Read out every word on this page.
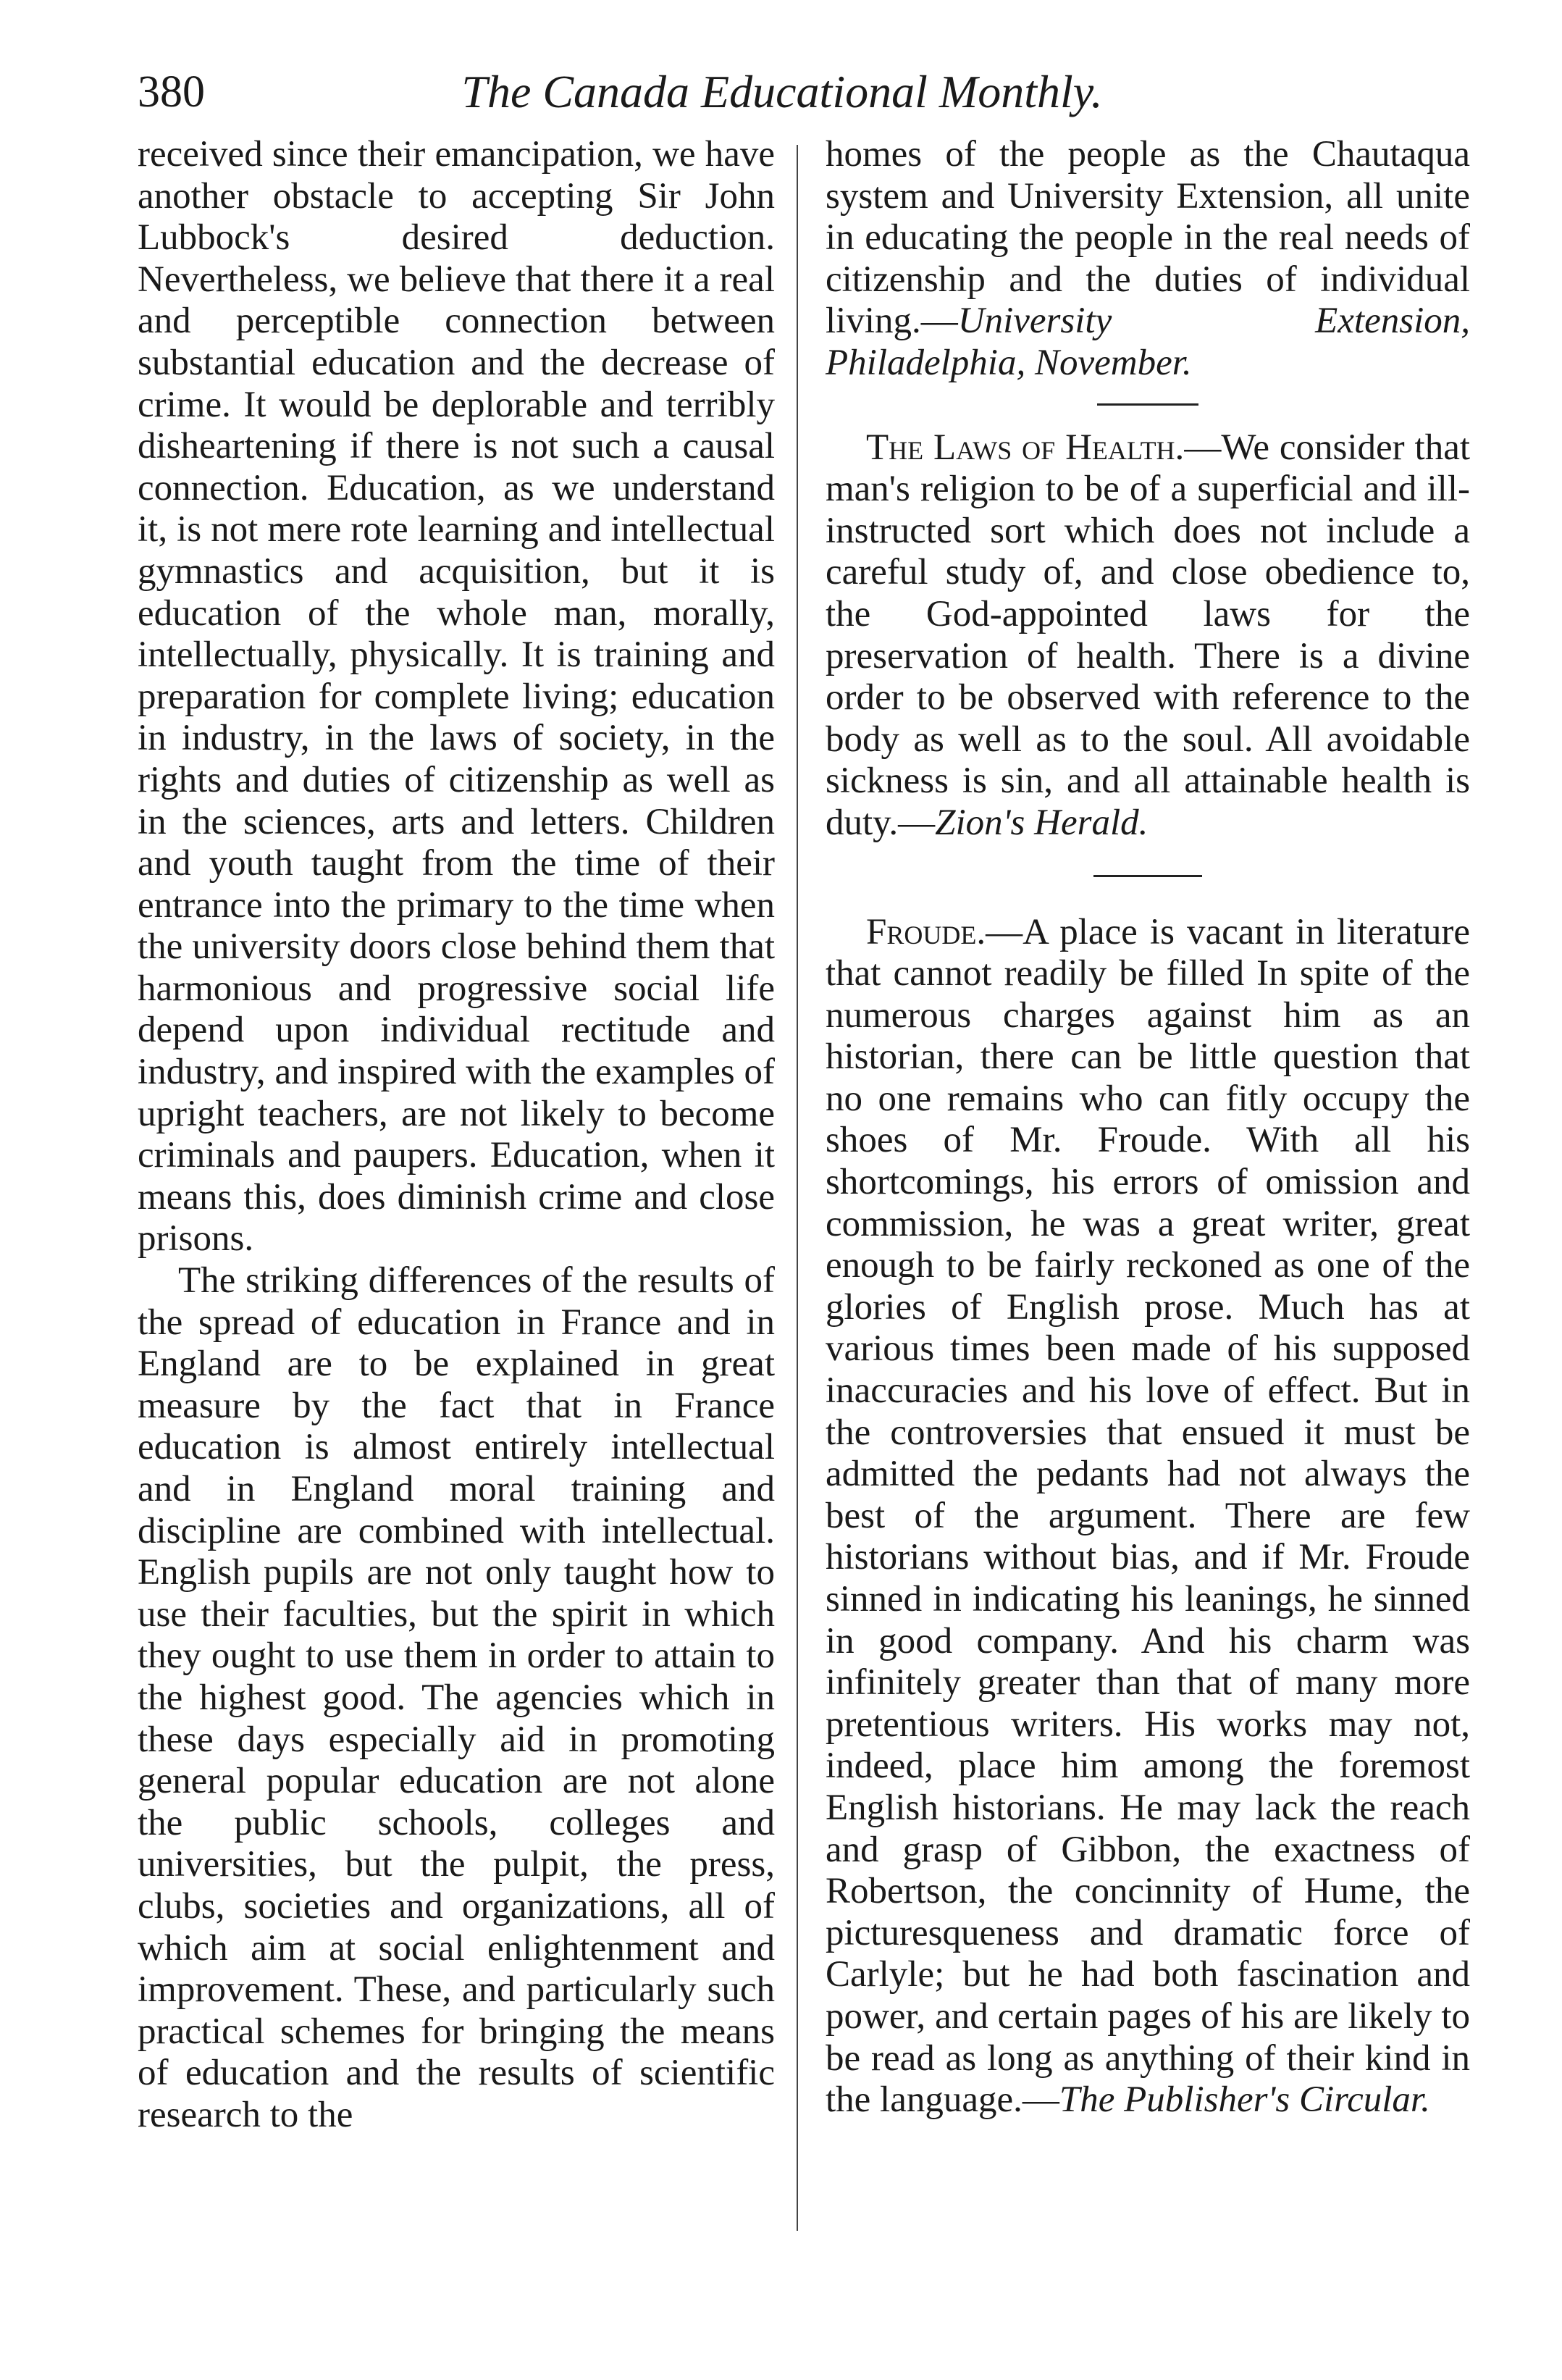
380	The Canada Educational Monthly.

received since their emancipation, we have another obstacle to accepting Sir John Lubbock's desired deduction. Nevertheless, we believe that there it a real and perceptible connection between substantial education and the decrease of crime. It would be deplorable and terribly disheartening if there is not such a causal connection. Education, as we understand it, is not mere rote learning and intellectual gymnastics and acquisition, but it is education of the whole man, morally, intellectually, physically. It is training and preparation for complete living; education in industry, in the laws of society, in the rights and duties of citizenship as well as in the sciences, arts and letters. Children and youth taught from the time of their entrance into the primary to the time when the university doors close behind them that harmonious and progressive social life depend upon individual rectitude and industry, and inspired with the examples of upright teachers, are not likely to become criminals and paupers. Education, when it means this, does diminish crime and close prisons.

The striking differences of the results of the spread of education in France and in England are to be explained in great measure by the fact that in France education is almost entirely intellectual and in England moral training and discipline are combined with intellectual. English pupils are not only taught how to use their faculties, but the spirit in which they ought to use them in order to attain to the highest good. The agencies which in these days especially aid in promoting general popular education are not alone the public schools, colleges and universities, but the pulpit, the press, clubs, societies and organizations, all of which aim at social enlightenment and improvement. These, and particularly such practical schemes for bringing the means of education and the results of scientific research to the

homes of the people as the Chautaqua system and University Extension, all unite in educating the people in the real needs of citizenship and the duties of individual living.—University Extension, Philadelphia, November.

The Laws of Health.—We consider that man's religion to be of a superficial and ill-instructed sort which does not include a careful study of, and close obedience to, the God-appointed laws for the preservation of health. There is a divine order to be observed with reference to the body as well as to the soul. All avoidable sickness is sin, and all attainable health is duty.—Zion's Herald.

Froude.—A place is vacant in literature that cannot readily be filled In spite of the numerous charges against him as an historian, there can be little question that no one remains who can fitly occupy the shoes of Mr. Froude. With all his shortcomings, his errors of omission and commission, he was a great writer, great enough to be fairly reckoned as one of the glories of English prose. Much has at various times been made of his supposed inaccuracies and his love of effect. But in the controversies that ensued it must be admitted the pedants had not always the best of the argument. There are few historians without bias, and if Mr. Froude sinned in indicating his leanings, he sinned in good company. And his charm was infinitely greater than that of many more pretentious writers. His works may not, indeed, place him among the foremost English historians. He may lack the reach and grasp of Gibbon, the exactness of Robertson, the concinnity of Hume, the picturesqueness and dramatic force of Carlyle; but he had both fascination and power, and certain pages of his are likely to be read as long as anything of their kind in the language.—The Publisher's Circular.
